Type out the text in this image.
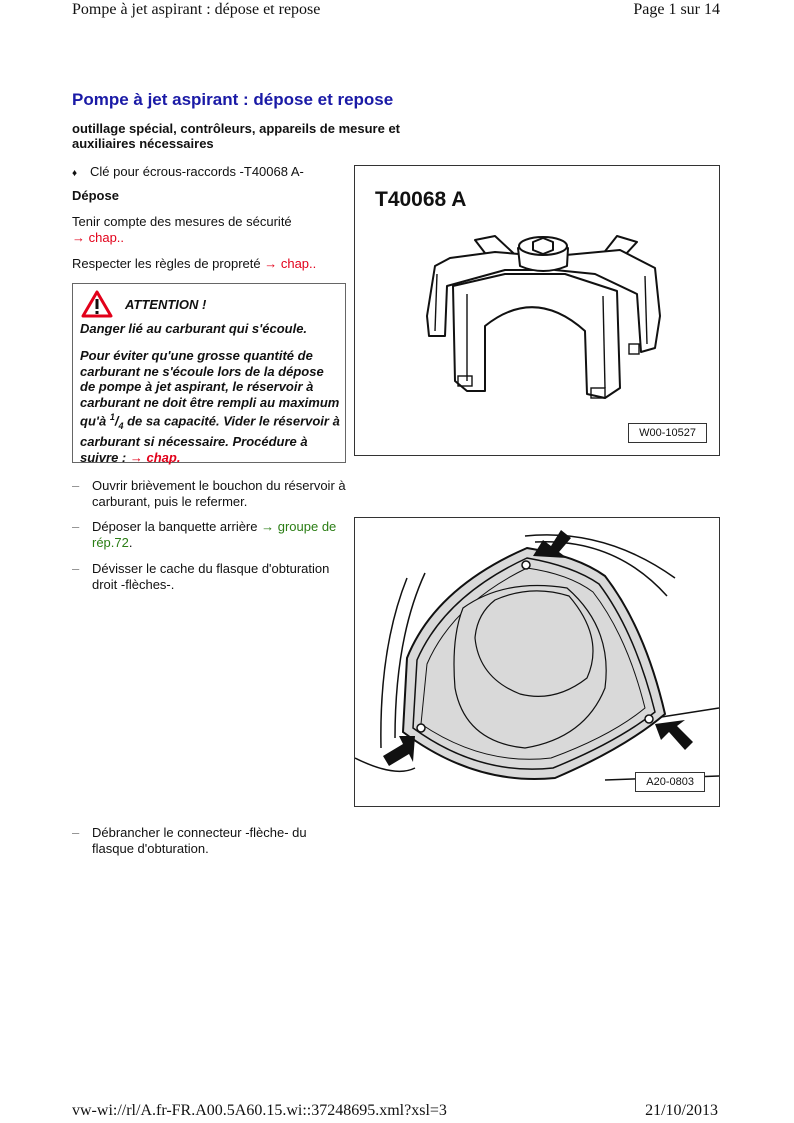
Pompe à jet aspirant : dépose et repose	Page 1 sur 14
vw-wi://rl/A.fr-FR.A00.5A60.15.wi::37248695.xml?xsl=3	21/10/2013
Pompe à jet aspirant : dépose et repose

outillage spécial, contrôleurs, appareils de mesure et auxiliaires nécessaires

♦ Clé pour écrous-raccords -T40068 A-
Dépose
Tenir compte des mesures de sécurité
→ chap..
Respecter les règles de propreté → chap..
ATTENTION !
Danger lié au carburant qui s'écoule.
Pour éviter qu'une grosse quantité de carburant ne s'écoule lors de la dépose de pompe à jet aspirant, le réservoir à carburant ne doit être rempli au maximum qu'à $^1/_4$ de sa capacité. Vider le réservoir à carburant si nécessaire. Procédure à suivre : → chap.
– Ouvrir brièvement le bouchon du réservoir à carburant, puis le refermer.
– Déposer la banquette arrière → groupe de rép.72.
– Dévisser le cache du flasque d'obturation droit -flèches-.
– Débrancher le connecteur -flèche- du flasque d'obturation.
T40068 A
W00-10527
A20-0803
